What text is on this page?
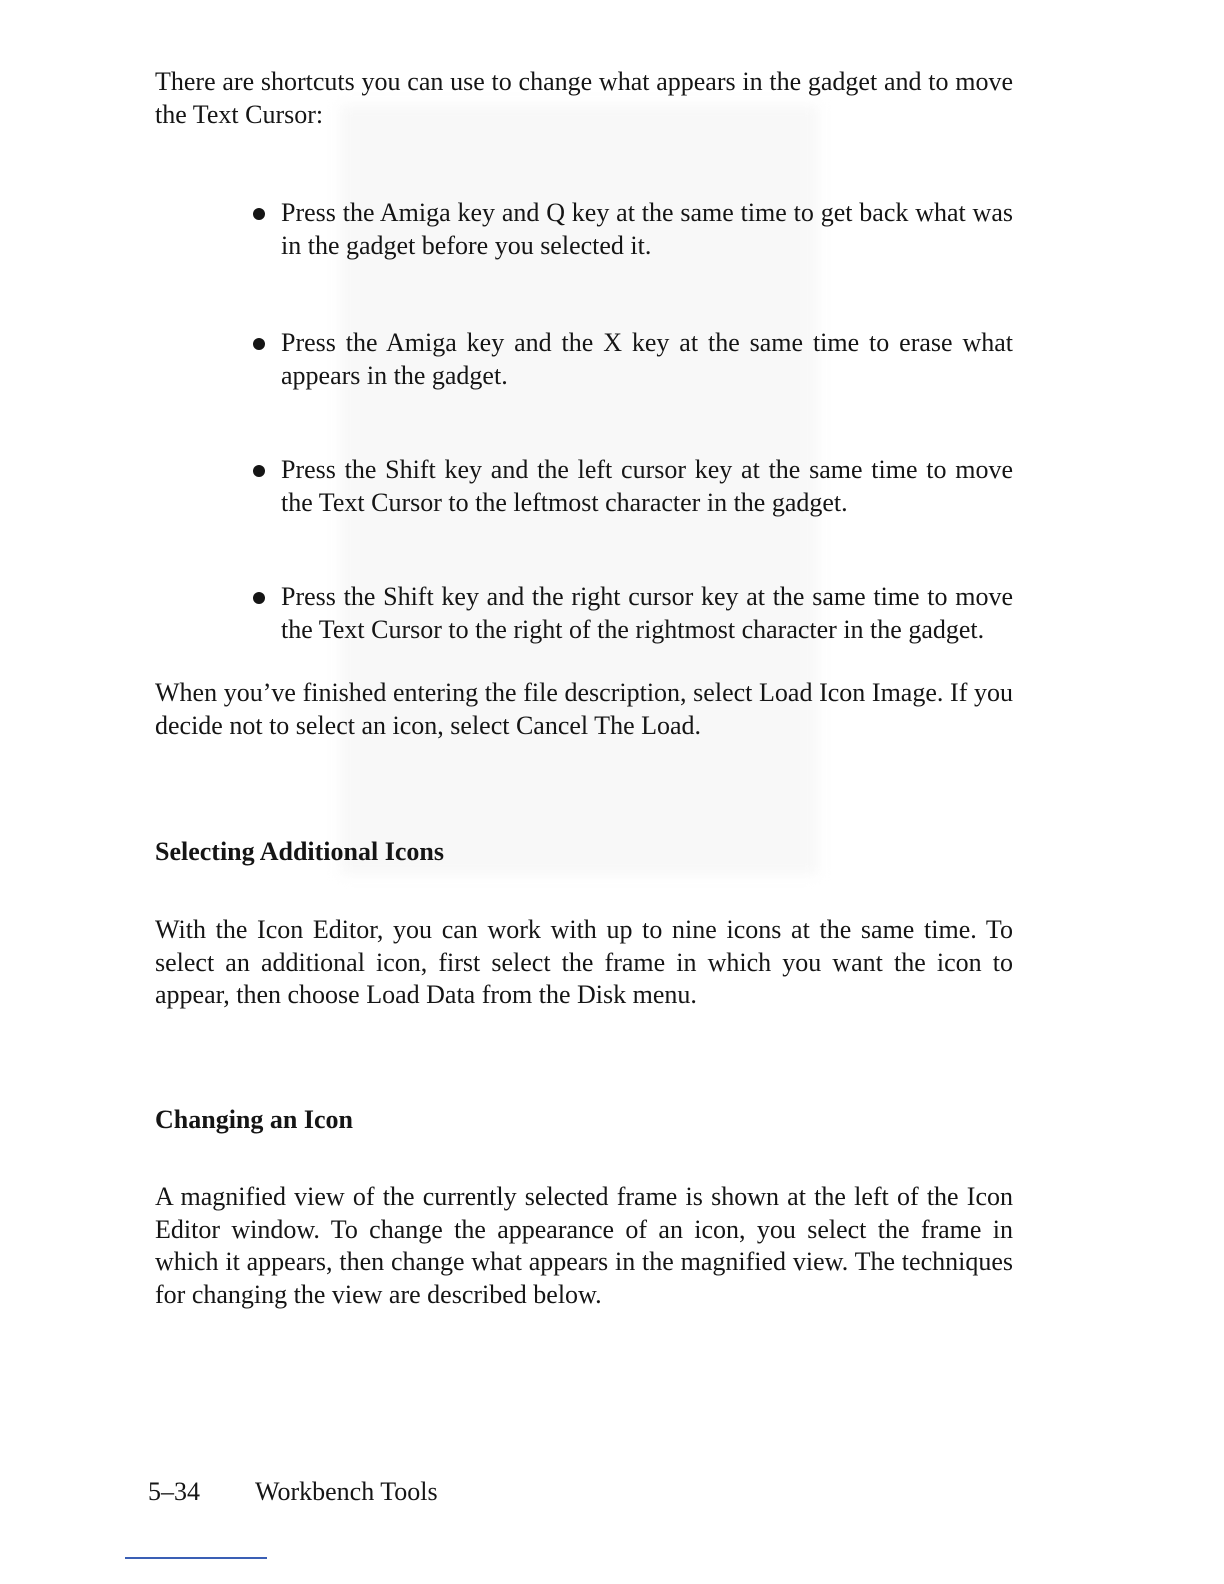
There are shortcuts you can use to change what appears in the gadget and to move the Text Cursor:

Press the Amiga key and Q key at the same time to get back what was in the gadget before you selected it.
Press the Amiga key and the X key at the same time to erase what appears in the gadget.
Press the Shift key and the left cursor key at the same time to move the Text Cursor to the leftmost character in the gadget.
Press the Shift key and the right cursor key at the same time to move the Text Cursor to the right of the rightmost character in the gadget.

When you’ve finished entering the file description, select Load Icon Image. If you decide not to select an icon, select Cancel The Load.

Selecting Additional Icons

With the Icon Editor, you can work with up to nine icons at the same time. To select an additional icon, first select the frame in which you want the icon to appear, then choose Load Data from the Disk menu.

Changing an Icon

A magnified view of the currently selected frame is shown at the left of the Icon Editor window. To change the appearance of an icon, you select the frame in which it appears, then change what appears in the magnified view. The techniques for changing the view are described below.

5–34 Workbench Tools
